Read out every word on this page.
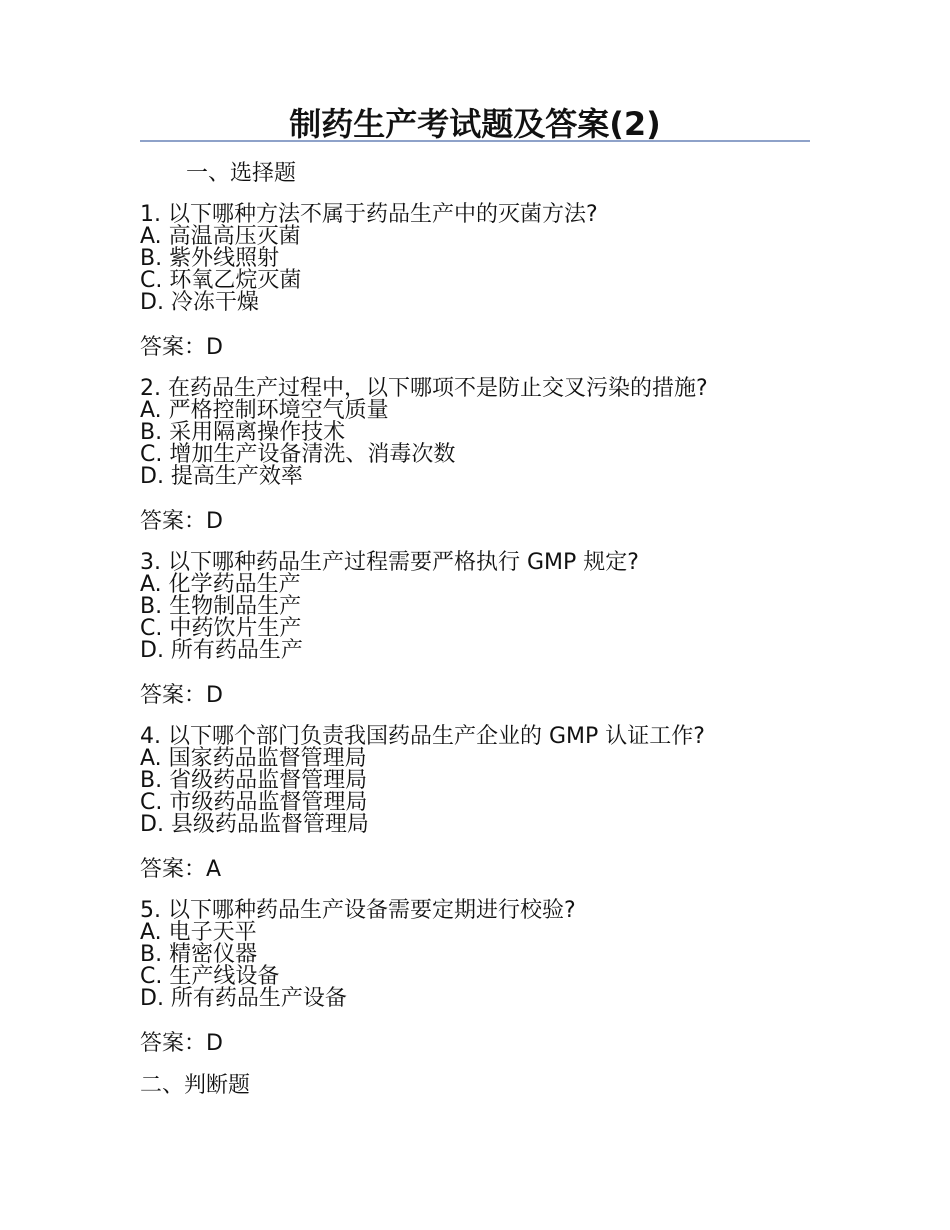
制药生产考试题及答案(2)
一、选择题
1. 以下哪种方法不属于药品生产中的灭菌方法?
A. 高温高压灭菌
B. 紫外线照射
C. 环氧乙烷灭菌
D. 冷冻干燥
答案：D
2. 在药品生产过程中，以下哪项不是防止交叉污染的措施?
A. 严格控制环境空气质量
B. 采用隔离操作技术
C. 增加生产设备清洗、消毒次数
D. 提高生产效率
答案：D
3. 以下哪种药品生产过程需要严格执行 GMP 规定?
A. 化学药品生产
B. 生物制品生产
C. 中药饮片生产
D. 所有药品生产
答案：D
4. 以下哪个部门负责我国药品生产企业的 GMP 认证工作?
A. 国家药品监督管理局
B. 省级药品监督管理局
C. 市级药品监督管理局
D. 县级药品监督管理局
答案：A
5. 以下哪种药品生产设备需要定期进行校验?
A. 电子天平
B. 精密仪器
C. 生产线设备
D. 所有药品生产设备
答案：D
二、判断题
